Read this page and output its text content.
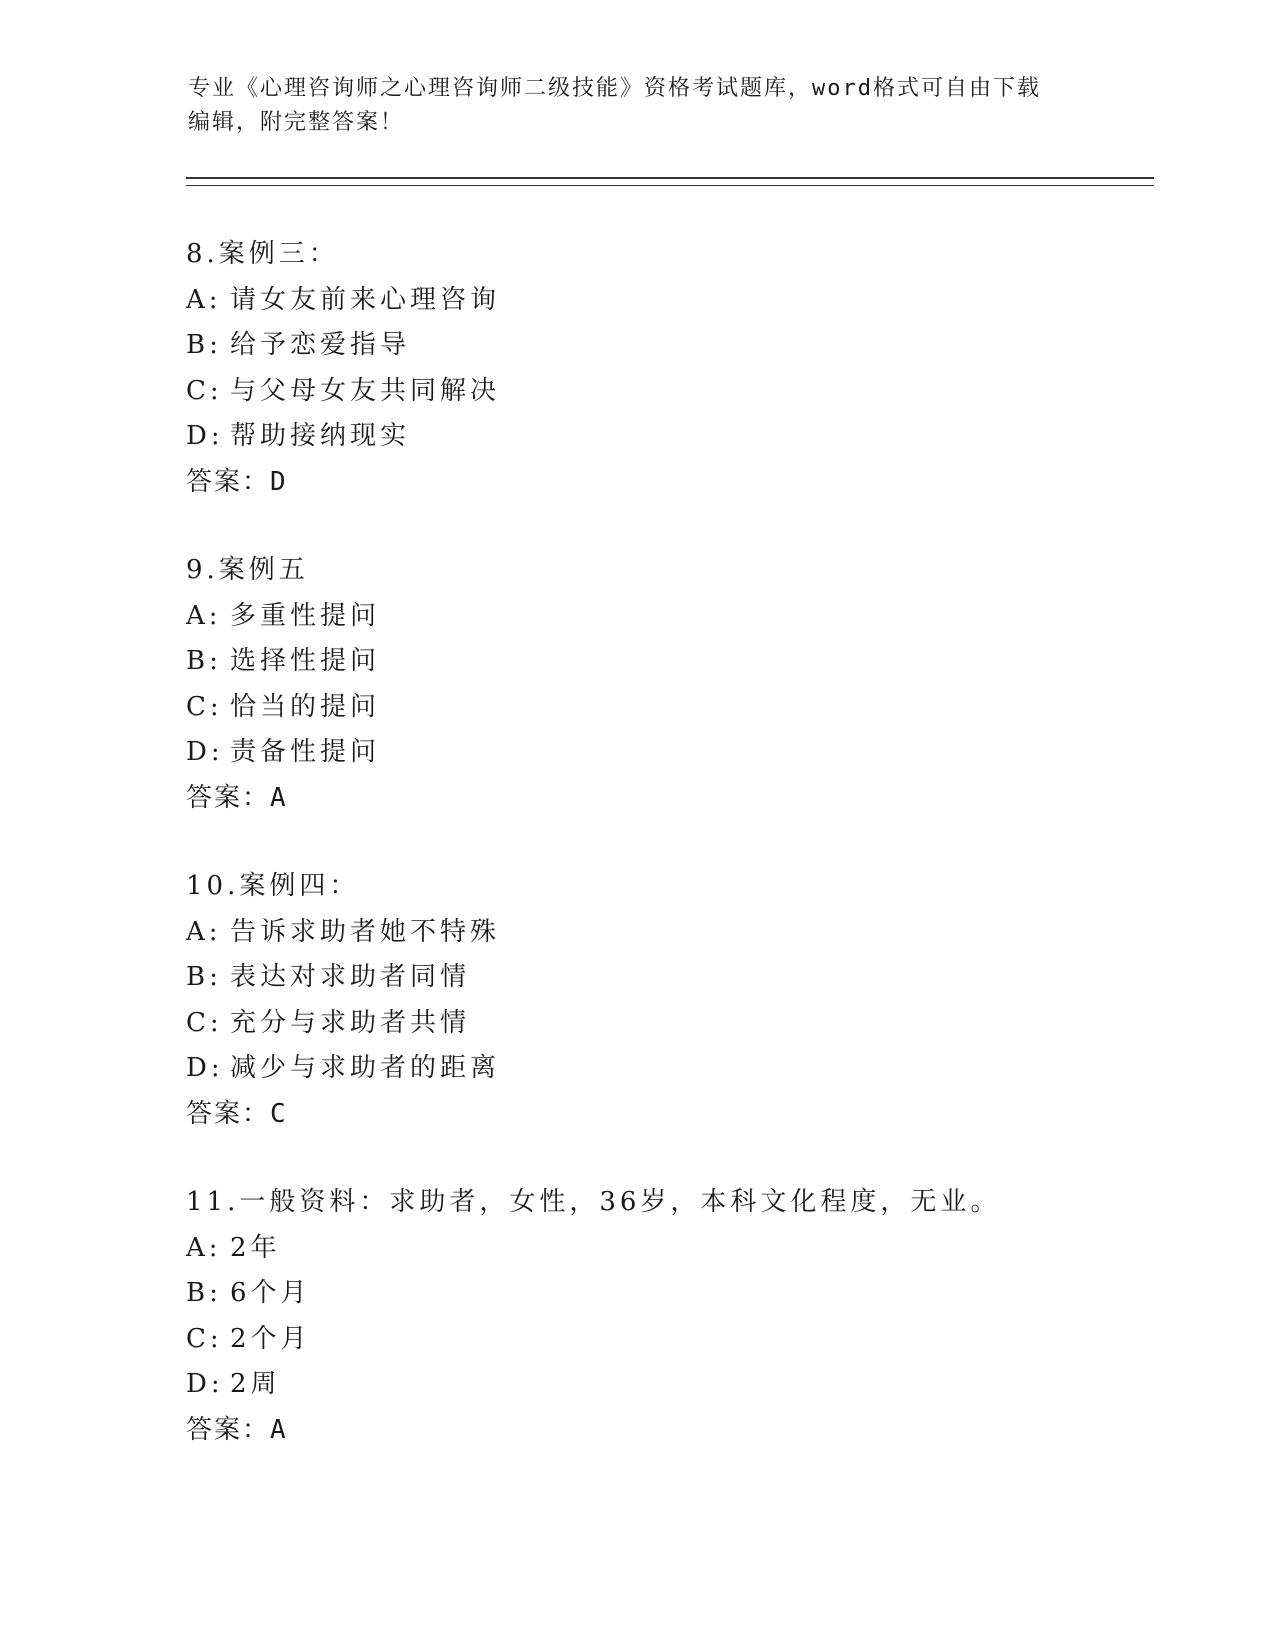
专业《心理咨询师之心理咨询师二级技能》资格考试题库，word格式可自由下载
编辑，附完整答案！
8.案例三：
A: 请女友前来心理咨询
B: 给予恋爱指导
C: 与父母女友共同解决
D: 帮助接纳现实
答案：D
9.案例五
A: 多重性提问
B: 选择性提问
C: 恰当的提问
D: 责备性提问
答案：A
10.案例四：
A: 告诉求助者她不特殊
B: 表达对求助者同情
C: 充分与求助者共情
D: 减少与求助者的距离
答案：C
11.一般资料：求助者，女性，36岁，本科文化程度，无业。
A: 2年
B: 6个月
C: 2个月
D: 2周
答案：A
